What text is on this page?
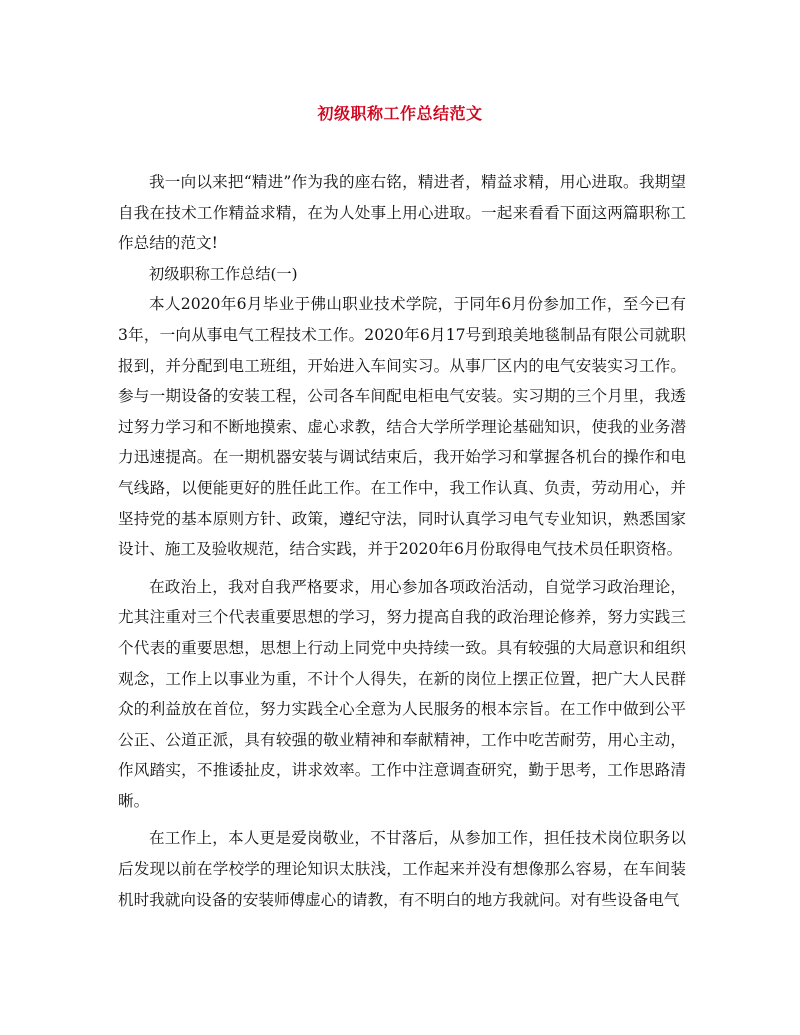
初级职称工作总结范文

我一向以来把“精进”作为我的座右铭，精进者，精益求精，用心进取。我期望自我在技术工作精益求精，在为人处事上用心进取。一起来看看下面这两篇职称工作总结的范文!

初级职称工作总结(一)

本人2020年6月毕业于佛山职业技术学院，于同年6月份参加工作，至今已有3年，一向从事电气工程技术工作。2020年6月17号到琅美地毯制品有限公司就职报到，并分配到电工班组，开始进入车间实习。从事厂区内的电气安装实习工作。参与一期设备的安装工程，公司各车间配电柜电气安装。实习期的三个月里，我透过努力学习和不断地摸索、虚心求教，结合大学所学理论基础知识，使我的业务潜力迅速提高。在一期机器安装与调试结束后，我开始学习和掌握各机台的操作和电气线路，以便能更好的胜任此工作。在工作中，我工作认真、负责，劳动用心，并坚持党的基本原则方针、政策，遵纪守法，同时认真学习电气专业知识，熟悉国家设计、施工及验收规范，结合实践，并于2020年6月份取得电气技术员任职资格。

在政治上，我对自我严格要求，用心参加各项政治活动，自觉学习政治理论，尤其注重对三个代表重要思想的学习，努力提高自我的政治理论修养，努力实践三个代表的重要思想，思想上行动上同党中央持续一致。具有较强的大局意识和组织观念，工作上以事业为重，不计个人得失，在新的岗位上摆正位置，把广大人民群众的利益放在首位，努力实践全心全意为人民服务的根本宗旨。在工作中做到公平公正、公道正派，具有较强的敬业精神和奉献精神，工作中吃苦耐劳，用心主动，作风踏实，不推诿扯皮，讲求效率。工作中注意调查研究，勤于思考，工作思路清晰。

在工作上，本人更是爱岗敬业，不甘落后，从参加工作，担任技术岗位职务以后发现以前在学校学的理论知识太肤浅，工作起来并没有想像那么容易，在车间装机时我就向设备的安装师傅虚心的请教，有不明白的地方我就问。对有些设备电气
